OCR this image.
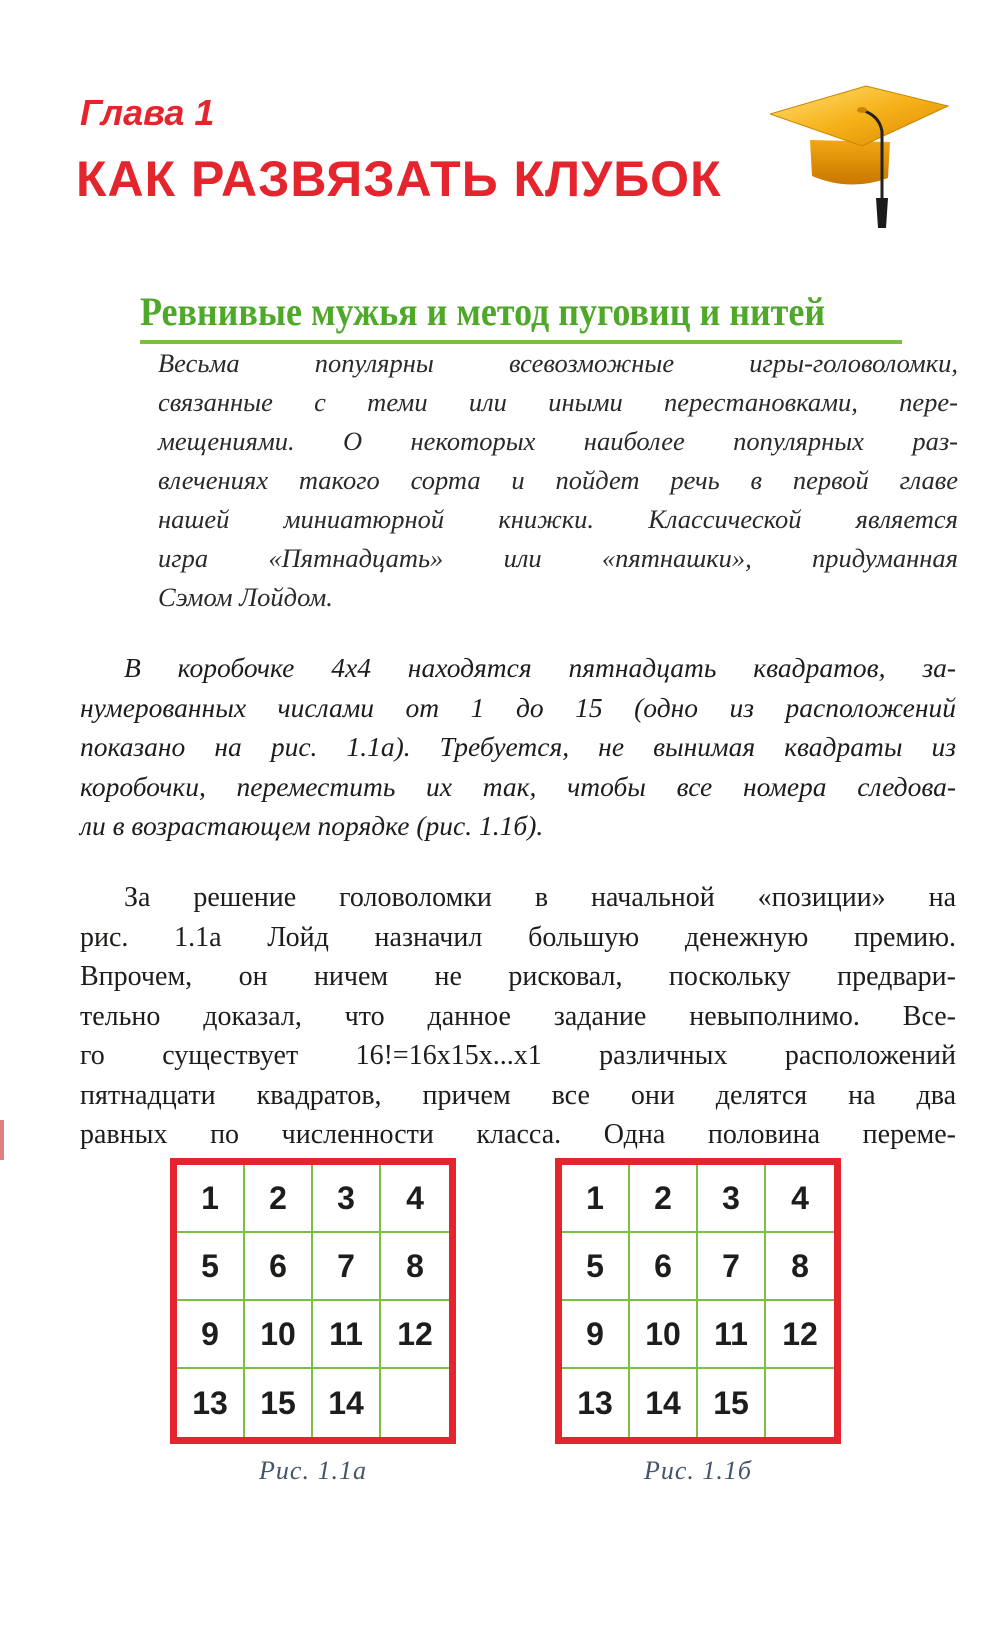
Глава 1
КАК РАЗВЯЗАТЬ КЛУБОК
Ревнивые мужья и метод пуговиц и нитей
Весьма популярны всевозможные игры-головоломки,
связанные с теми или иными перестановками, пере-
мещениями. О некоторых наиболее популярных раз-
влечениях такого сорта и пойдет речь в первой главе
нашей миниатюрной книжки. Классической является
игра «Пятнадцать» или «пятнашки», придуманная
Сэмом Лойдом.
В коробочке 4х4 находятся пятнадцать квадратов, за-
нумерованных числами от 1 до 15 (одно из расположений
показано на рис. 1.1а). Требуется, не вынимая квадраты из
коробочки, переместить их так, чтобы все номера следова-
ли в возрастающем порядке (рис. 1.1б).
За решение головоломки в начальной «позиции» на
рис. 1.1а Лойд назначил большую денежную премию.
Впрочем, он ничем не рисковал, поскольку предвари-
тельно доказал, что данное задание невыполнимо. Все-
го существует 16!=16х15х...х1 различных расположений
пятнадцати квадратов, причем все они делятся на два
равных по численности класса. Одна половина переме-
1	2	3	4
5	6	7	8
9	10	11	12
13	15	14
1	2	3	4
5	6	7	8
9	10	11	12
13	14	15
Рис. 1.1а	Рис. 1.1б
